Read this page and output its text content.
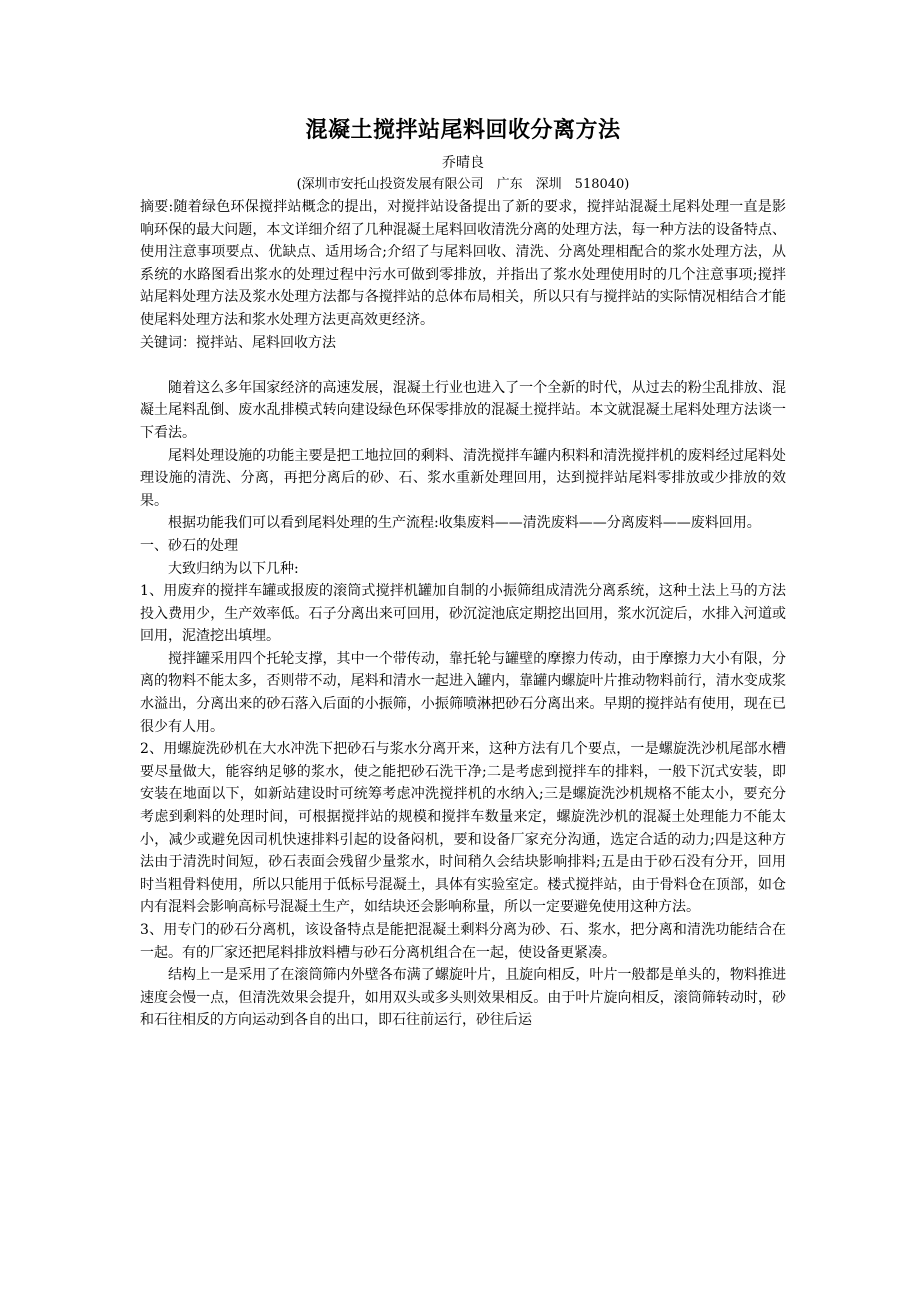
混凝土搅拌站尾料回收分离方法

乔晴良

(深圳市安托山投资发展有限公司　广东　深圳　518040)

摘要:随着绿色环保搅拌站概念的提出，对搅拌站设备提出了新的要求，搅拌站混凝土尾料处理一直是影响环保的最大问题，本文详细介绍了几种混凝土尾料回收清洗分离的处理方法，每一种方法的设备特点、使用注意事项要点、优缺点、适用场合;介绍了与尾料回收、清洗、分离处理相配合的浆水处理方法，从系统的水路图看出浆水的处理过程中污水可做到零排放，并指出了浆水处理使用时的几个注意事项;搅拌站尾料处理方法及浆水处理方法都与各搅拌站的总体布局相关，所以只有与搅拌站的实际情况相结合才能使尾料处理方法和浆水处理方法更高效更经济。

关键词：搅拌站、尾料回收方法

随着这么多年国家经济的高速发展，混凝土行业也进入了一个全新的时代，从过去的粉尘乱排放、混凝土尾料乱倒、废水乱排模式转向建设绿色环保零排放的混凝土搅拌站。本文就混凝土尾料处理方法谈一下看法。

尾料处理设施的功能主要是把工地拉回的剩料、清洗搅拌车罐内积料和清洗搅拌机的废料经过尾料处理设施的清洗、分离，再把分离后的砂、石、浆水重新处理回用，达到搅拌站尾料零排放或少排放的效果。

根据功能我们可以看到尾料处理的生产流程:收集废料——清洗废料——分离废料——废料回用。

一、砂石的处理

大致归纳为以下几种:

1、用废弃的搅拌车罐或报废的滚筒式搅拌机罐加自制的小振筛组成清洗分离系统，这种土法上马的方法投入费用少，生产效率低。石子分离出来可回用，砂沉淀池底定期挖出回用，浆水沉淀后，水排入河道或回用，泥渣挖出填埋。

搅拌罐采用四个托轮支撑，其中一个带传动，靠托轮与罐壁的摩擦力传动，由于摩擦力大小有限，分离的物料不能太多，否则带不动，尾料和清水一起进入罐内，靠罐内螺旋叶片推动物料前行，清水变成浆水溢出，分离出来的砂石落入后面的小振筛，小振筛喷淋把砂石分离出来。早期的搅拌站有使用，现在已很少有人用。

2、用螺旋洗砂机在大水冲洗下把砂石与浆水分离开来，这种方法有几个要点，一是螺旋洗沙机尾部水槽要尽量做大，能容纳足够的浆水，使之能把砂石洗干净;二是考虑到搅拌车的排料，一般下沉式安装，即安装在地面以下，如新站建设时可统筹考虑冲洗搅拌机的水纳入;三是螺旋洗沙机规格不能太小，要充分考虑到剩料的处理时间，可根据搅拌站的规模和搅拌车数量来定，螺旋洗沙机的混凝土处理能力不能太小，减少或避免因司机快速排料引起的设备闷机，要和设备厂家充分沟通，选定合适的动力;四是这种方法由于清洗时间短，砂石表面会残留少量浆水，时间稍久会结块影响排料;五是由于砂石没有分开，回用时当粗骨料使用，所以只能用于低标号混凝土，具体有实验室定。楼式搅拌站，由于骨料仓在顶部，如仓内有混料会影响高标号混凝土生产，如结块还会影响称量，所以一定要避免使用这种方法。

3、用专门的砂石分离机，该设备特点是能把混凝土剩料分离为砂、石、浆水，把分离和清洗功能结合在一起。有的厂家还把尾料排放料槽与砂石分离机组合在一起，使设备更紧凑。

结构上一是采用了在滚筒筛内外壁各布满了螺旋叶片，且旋向相反，叶片一般都是单头的，物料推进速度会慢一点，但清洗效果会提升，如用双头或多头则效果相反。由于叶片旋向相反，滚筒筛转动时，砂和石往相反的方向运动到各自的出口，即石往前运行，砂往后运
